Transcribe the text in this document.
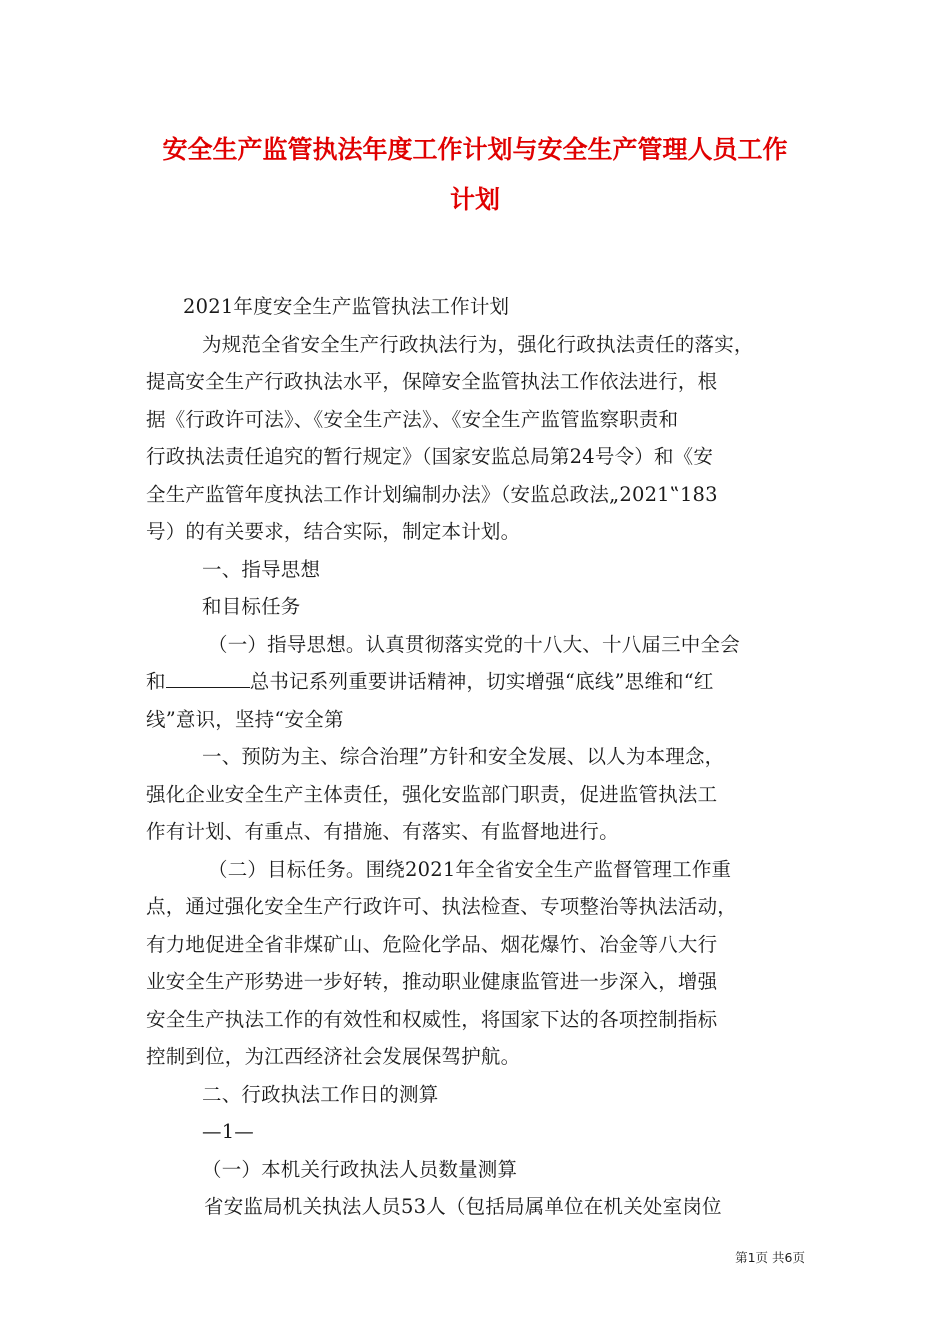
安全生产监管执法年度工作计划与安全生产管理人员工作
计划

2021年度安全生产监管执法工作计划

为规范全省安全生产行政执法行为，强化行政执法责任的落实，

提高安全生产行政执法水平，保障安全监管执法工作依法进行，根

据《行政许可法》、《安全生产法》、《安全生产监管监察职责和

行政执法责任追究的暂行规定》（国家安监总局第24号令）和《安

全生产监管年度执法工作计划编制办法》（安监总政法„2021‟183

号）的有关要求，结合实际，制定本计划。

一、指导思想

和目标任务

（一）指导思想。认真贯彻落实党的十八大、十八届三中全会

和	总书记系列重要讲话精神，切实增强“底线”思维和“红

线”意识，坚持“安全第

一、预防为主、综合治理”方针和安全发展、以人为本理念，

强化企业安全生产主体责任，强化安监部门职责，促进监管执法工

作有计划、有重点、有措施、有落实、有监督地进行。

（二）目标任务。围绕2021年全省安全生产监督管理工作重

点，通过强化安全生产行政许可、执法检查、专项整治等执法活动，

有力地促进全省非煤矿山、危险化学品、烟花爆竹、冶金等八大行

业安全生产形势进一步好转，推动职业健康监管进一步深入，增强

安全生产执法工作的有效性和权威性，将国家下达的各项控制指标

控制到位，为江西经济社会发展保驾护航。

二、行政执法工作日的测算

—1—

（一）本机关行政执法人员数量测算

省安监局机关执法人员53人（包括局属单位在机关处室岗位

第1页 共6页
